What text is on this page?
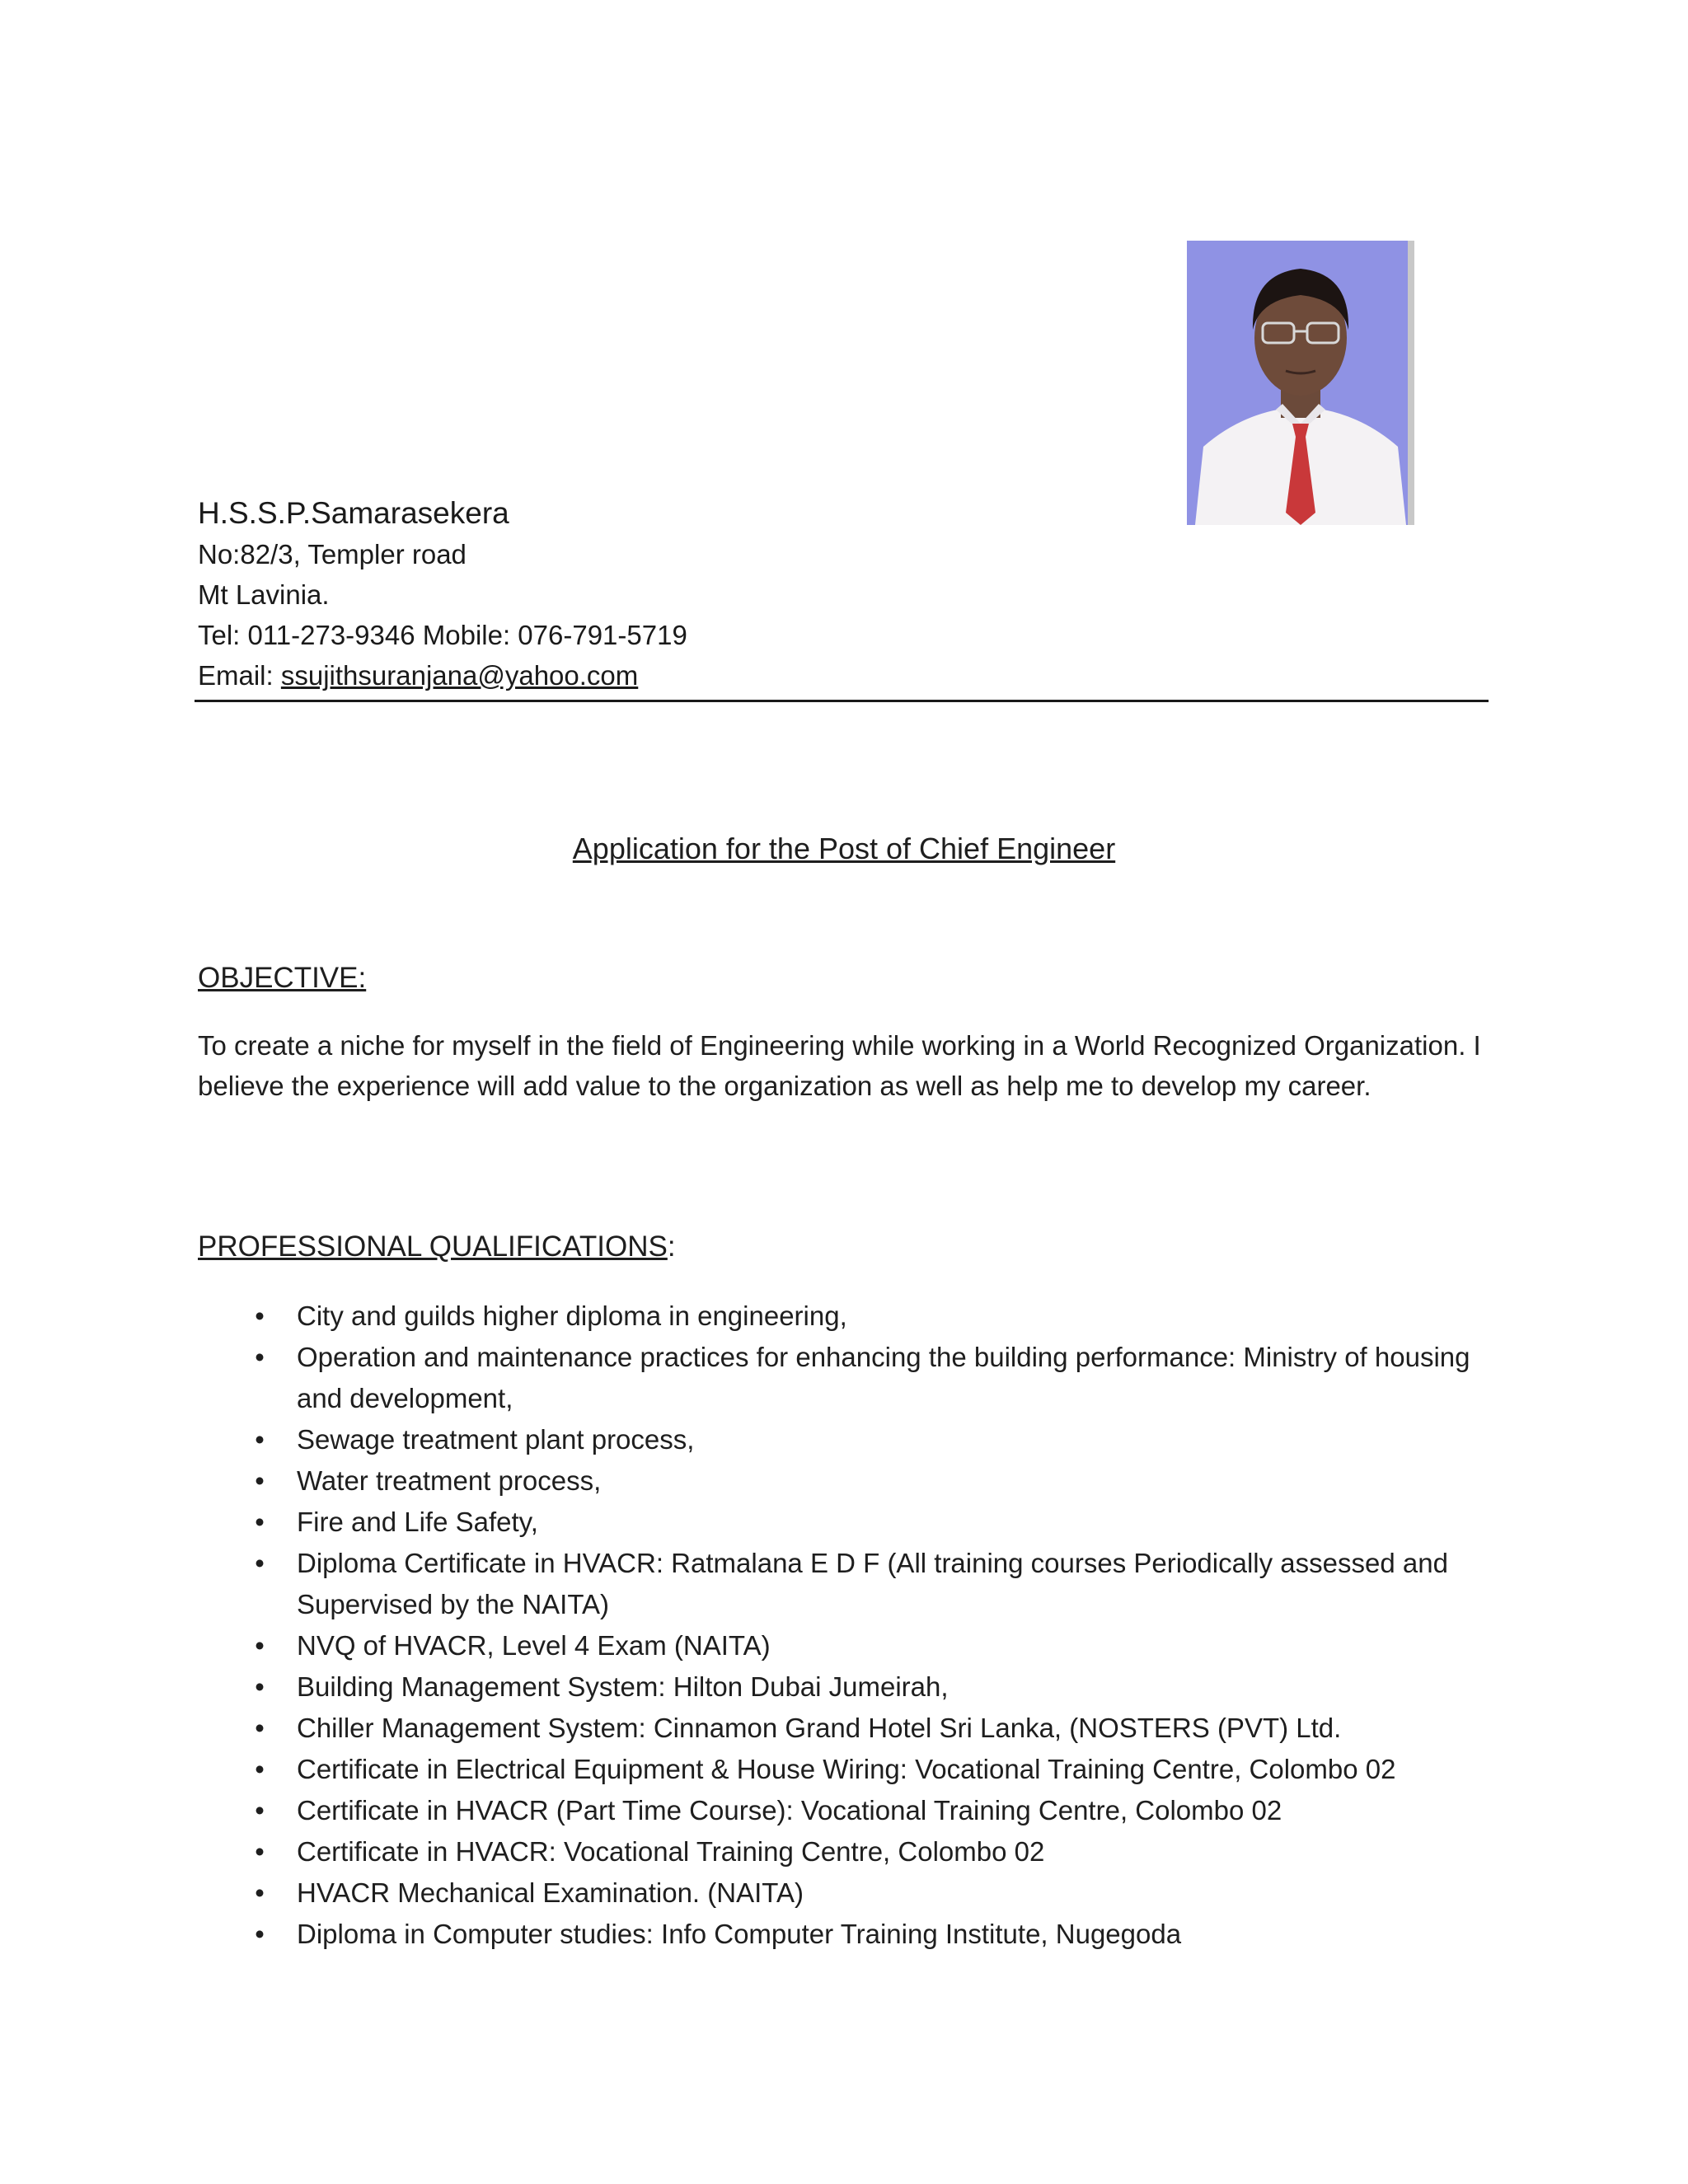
H.S.S.P.Samarasekera
No:82/3, Templer road
Mt Lavinia.
Tel: 011-273-9346 Mobile: 076-791-5719
Email: ssujithsuranjana@yahoo.com
Application for the Post of Chief Engineer
OBJECTIVE:
To create a niche for myself in the field of Engineering while working in a World Recognized Organization. I believe the experience will add value to the organization as well as help me to develop my career.
PROFESSIONAL QUALIFICATIONS:
• City and guilds higher diploma in engineering,
• Operation and maintenance practices for enhancing the building performance: Ministry of housing and development,
• Sewage treatment plant process,
• Water treatment process,
• Fire and Life Safety,
• Diploma Certificate in HVACR: Ratmalana E D F (All training courses Periodically assessed and Supervised by the NAITA)
• NVQ of HVACR, Level 4 Exam (NAITA)
• Building Management System: Hilton Dubai Jumeirah,
• Chiller Management System: Cinnamon Grand Hotel Sri Lanka, (NOSTERS (PVT) Ltd.
• Certificate in Electrical Equipment & House Wiring: Vocational Training Centre, Colombo 02
• Certificate in HVACR (Part Time Course): Vocational Training Centre, Colombo 02
• Certificate in HVACR: Vocational Training Centre, Colombo 02
• HVACR Mechanical Examination. (NAITA)
• Diploma in Computer studies: Info Computer Training Institute, Nugegoda
